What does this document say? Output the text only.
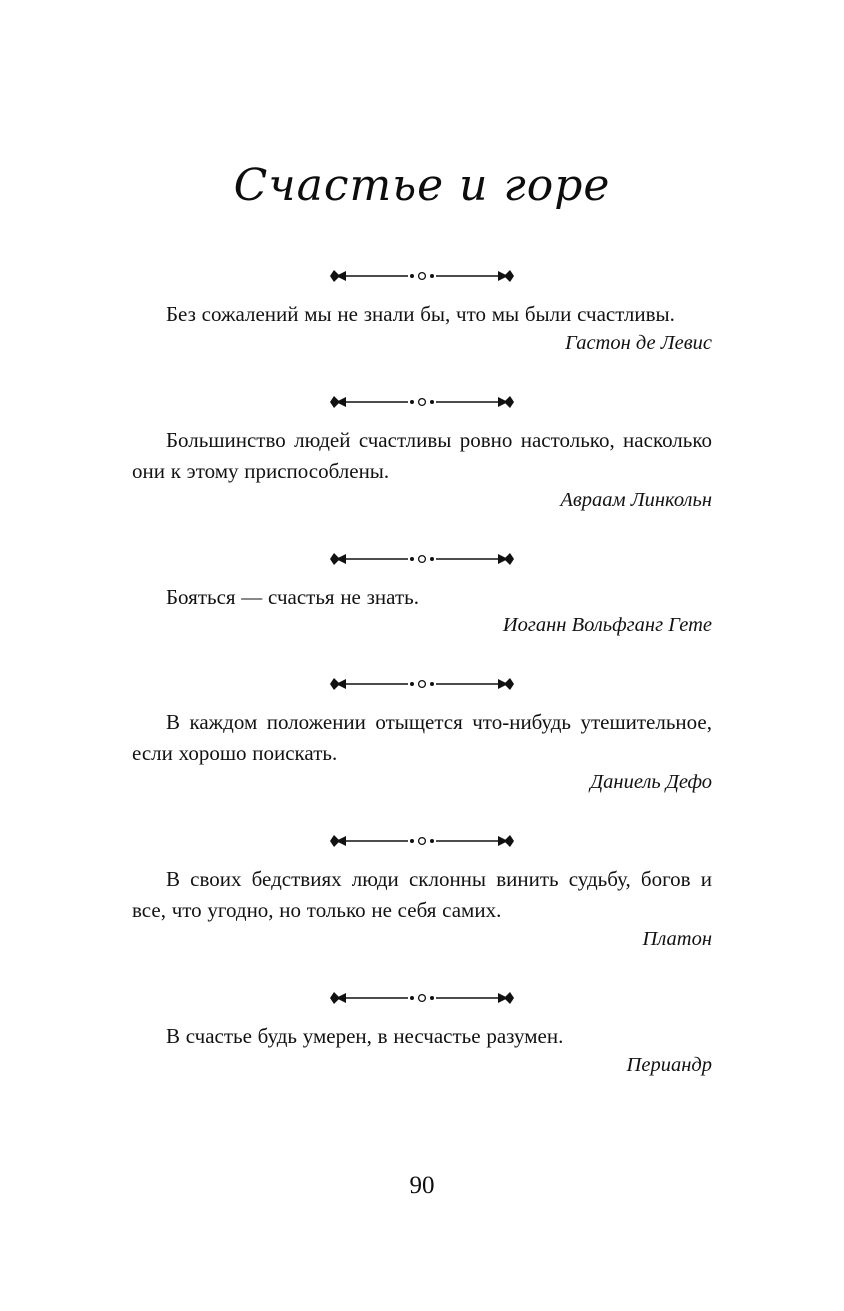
Счастье и горе

Без сожалений мы не знали бы, что мы были счастливы.

Гастон де Левис

Большинство людей счастливы ровно настолько, насколько они к этому приспособлены.

Авраам Линкольн

Бояться — счастья не знать.

Иоганн Вольфганг Гете

В каждом положении отыщется что-нибудь утешительное, если хорошо поискать.

Даниель Дефо

В своих бедствиях люди склонны винить судьбу, богов и все, что угодно, но только не себя самих.

Платон

В счастье будь умерен, в несчастье разумен.

Периандр

90
